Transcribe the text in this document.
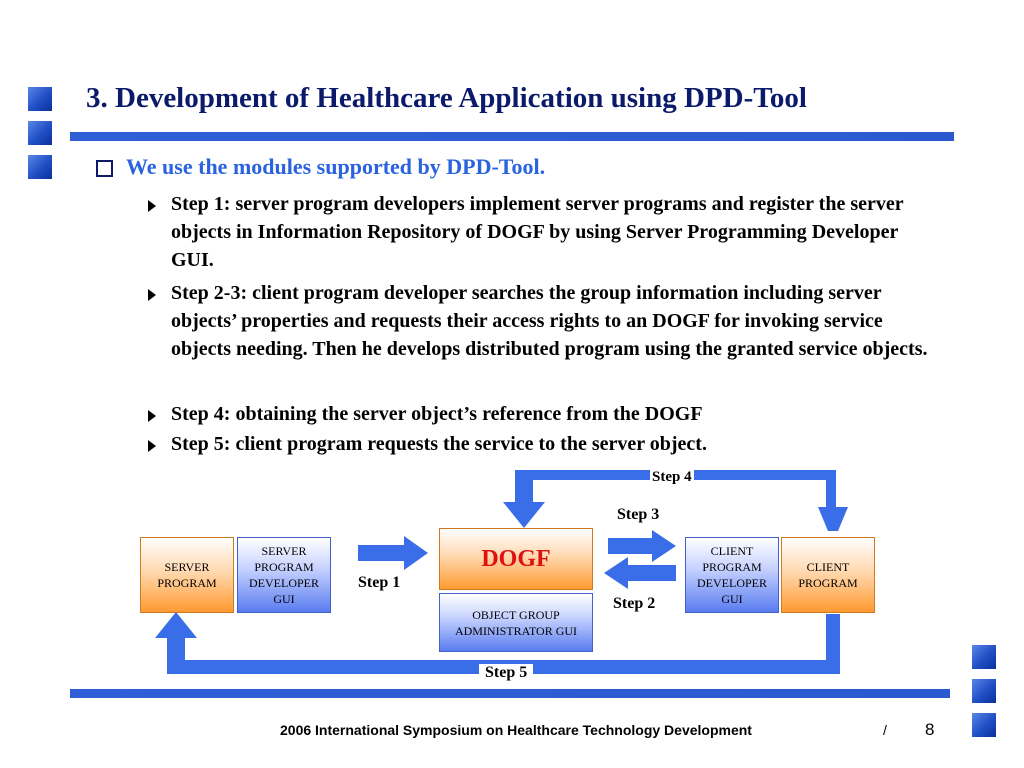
3. Development of Healthcare Application using DPD-Tool
We use the modules supported by DPD-Tool.
Step 1: server program developers implement server programs and register the server objects in Information Repository of DOGF by using Server Programming Developer GUI.
Step 2-3: client program developer searches the group information including server objects’ properties and requests their access rights to an DOGF for invoking service objects needing. Then he develops distributed program using the granted service objects.
Step 4: obtaining the server object’s reference from the DOGF
Step 5: client program requests the service to the server object.
SERVER PROGRAM
SERVER PROGRAM DEVELOPER GUI
DOGF
OBJECT GROUP ADMINISTRATOR GUI
CLIENT PROGRAM DEVELOPER GUI
CLIENT PROGRAM
Step 4
Step 3
Step 1
Step 2
Step 5
2006 International Symposium on Healthcare Technology Development	/ 8
